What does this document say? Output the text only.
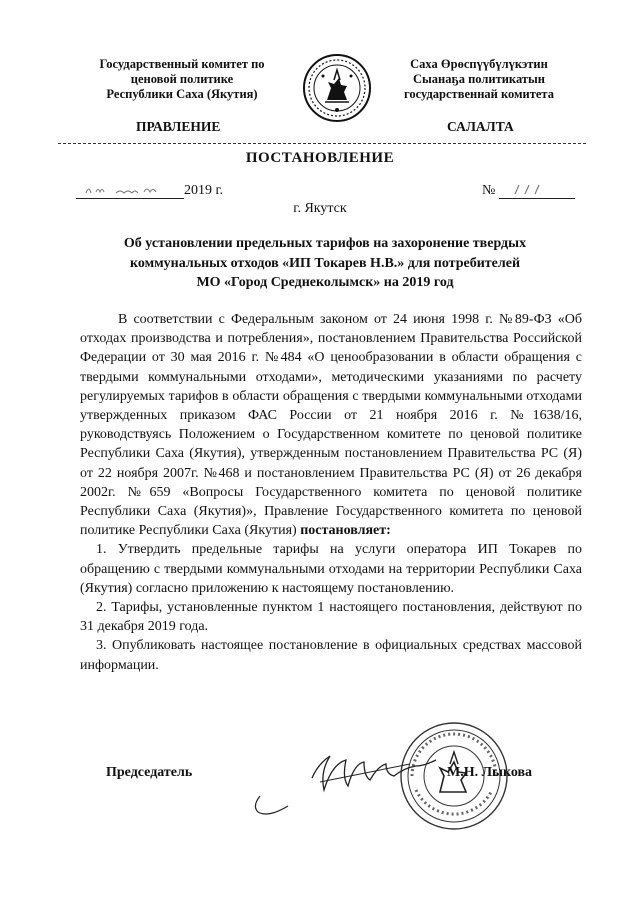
Государственный комитет по
ценовой политике
Республики Саха (Якутия)
Саха Өрөспүүбүлүкэтин
Сыанаҕа политикатын
государственнай комитета
ПРАВЛЕНИЕ	САЛАЛТА
ПОСТАНОВЛЕНИЕ
2019 г.	№
г. Якутск
Об установлении предельных тарифов на захоронение твердых
коммунальных отходов «ИП Токарев Н.В.» для потребителей
МО «Город Среднеколымск» на 2019 год

В соответствии с Федеральным законом от 24 июня 1998 г. №89-ФЗ «Об отходах производства и потребления», постановлением Правительства Российской Федерации от 30 мая 2016 г. №484 «О ценообразовании в области обращения с твердыми коммунальными отходами», методическими указаниями по расчету регулируемых тарифов в области обращения с твердыми коммунальными отходами утвержденных приказом ФАС России от 21 ноября 2016 г. №1638/16, руководствуясь Положением о Государственном комитете по ценовой политике Республики Саха (Якутия), утвержденным постановлением Правительства РС (Я) от 22 ноября 2007г. №468 и постановлением Правительства РС (Я) от 26 декабря 2002г. №659 «Вопросы Государственного комитета по ценовой политике Республики Саха (Якутия)», Правление Государственного комитета по ценовой политике Республики Саха (Якутия) постановляет:

1. Утвердить предельные тарифы на услуги оператора ИП Токарев по обращению с твердыми коммунальными отходами на территории Республики Саха (Якутия) согласно приложению к настоящему постановлению.

2. Тарифы, установленные пунктом 1 настоящего постановления, действуют по 31 декабря 2019 года.

3. Опубликовать настоящее постановление в официальных средствах массовой информации.

Председатель	М.Н. Лыкова
